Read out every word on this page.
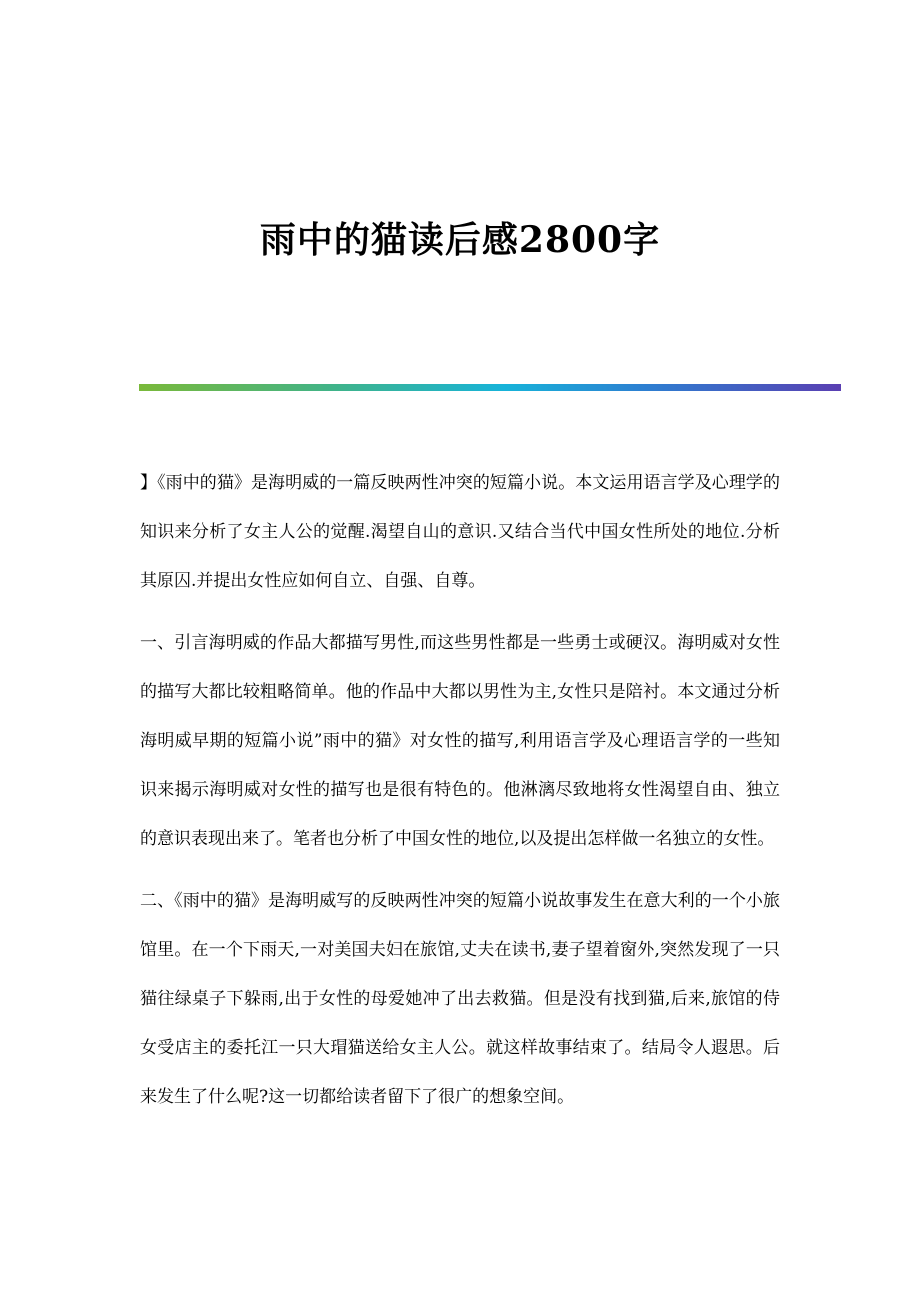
雨中的猫读后感2800字

】《雨中的猫》是海明威的一篇反映两性冲突的短篇小说。本文运用语言学及心理学的知识来分析了女主人公的觉醒.渴望自山的意识.又结合当代中国女性所处的地位.分析其原囚.并提出女性应如何自立、自强、自尊。

一、引言海明威的作品大都描写男性,而这些男性都是一些勇士或硬汉。海明威对女性的描写大都比较粗略简单。他的作品中大都以男性为主,女性只是陪衬。本文通过分析海明威早期的短篇小说”雨中的猫》对女性的描写,利用语言学及心理语言学的一些知识来揭示海明威对女性的描写也是很有特色的。他淋漓尽致地将女性渴望自由、独立的意识表现出来了。笔者也分析了中国女性的地位,以及提出怎样做一名独立的女性。

二、《雨中的猫》是海明威写的反映两性冲突的短篇小说故事发生在意大利的一个小旅馆里。在一个下雨天,一对美国夫妇在旅馆,丈夫在读书,妻子望着窗外,突然发现了一只猫往绿桌子下躲雨,出于女性的母爱她冲了出去救猫。但是没有找到猫,后来,旅馆的侍女受店主的委托江一只大瑁猫送给女主人公。就这样故事结束了。结局令人遐思。后来发生了什么呢?这一切都给读者留下了很广的想象空间。
